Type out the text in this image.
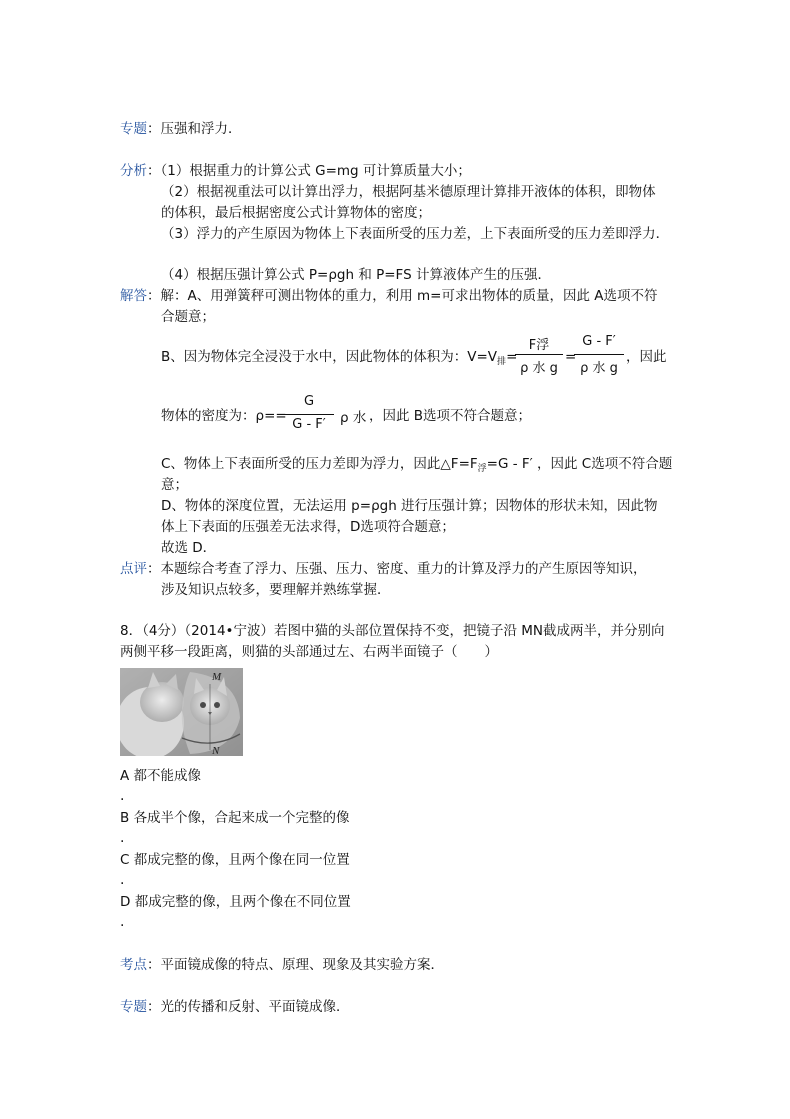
专题：压强和浮力．
分析：（1）根据重力的计算公式 G=mg 可计算质量大小；
（2）根据视重法可以计算出浮力，根据阿基米德原理计算排开液体的体积，即物体
的体积，最后根据密度公式计算物体的密度；
（3）浮力的产生原因为物体上下表面所受的压力差，上下表面所受的压力差即浮力．
（4）根据压强计算公式 P=ρgh 和 P=FS 计算液体产生的压强．
解答：解：A、用弹簧秤可测出物体的重力，利用 m=可求出物体的质量，因此 A选项不符
合题意；
B、因为物体完全浸没于水中，因此物体的体积为：$V=V_排=$
F浮
ρ 水 g
=
G - F′
ρ 水 g
，因此
物体的密度为：ρ==
G
G - F′	ρ 水 ，因此 B选项不符合题意；
C、物体上下表面所受的压力差即为浮力，因此$\triangle F=F_浮=G - F'$ ，因此 C选项不符合题
意；
D、物体的深度位置，无法运用 p=ρgh 进行压强计算；因物体的形状未知，因此物
体上下表面的压强差无法求得，D选项符合题意；
故选 D．
点评：本题综合考查了浮力、压强、压力、密度、重力的计算及浮力的产生原因等知识，
涉及知识点较多，要理解并熟练掌握．
8．（4分）（2014•宁波）若图中猫的头部位置保持不变，把镜子沿 MN截成两半，并分别向
两侧平移一段距离，则猫的头部通过左、右两半面镜子（　　）
M
N
A 都不能成像
.
B 各成半个像，合起来成一个完整的像
.
C 都成完整的像，且两个像在同一位置
.
D 都成完整的像，且两个像在不同位置
.
考点：平面镜成像的特点、原理、现象及其实验方案．
专题：光的传播和反射、平面镜成像．
